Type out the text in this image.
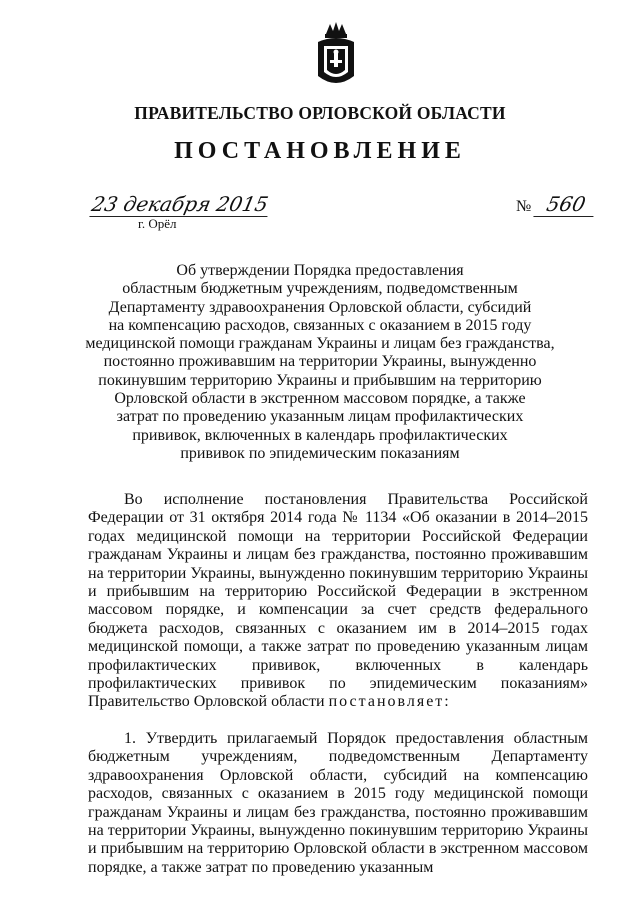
ПРАВИТЕЛЬСТВО ОРЛОВСКОЙ ОБЛАСТИ
ПОСТАНОВЛЕНИЕ
23 декабря 2015
г. Орёл
№ 560
Об утверждении Порядка предоставления
областным бюджетным учреждениям, подведомственным
Департаменту здравоохранения Орловской области, субсидий
на компенсацию расходов, связанных с оказанием в 2015 году
медицинской помощи гражданам Украины и лицам без гражданства,
постоянно проживавшим на территории Украины, вынужденно
покинувшим территорию Украины и прибывшим на территорию
Орловской области в экстренном массовом порядке, а также
затрат по проведению указанным лицам профилактических
прививок, включенных в календарь профилактических
прививок по эпидемическим показаниям

Во исполнение постановления Правительства Российской Федерации от 31 октября 2014 года № 1134 «Об оказании в 2014–2015 годах медицинской помощи на территории Российской Федерации гражданам Украины и лицам без гражданства, постоянно проживавшим на территории Украины, вынужденно покинувшим территорию Украины и прибывшим на территорию Российской Федерации в экстренном массовом порядке, и компенсации за счет средств федерального бюджета расходов, связанных с оказанием им в 2014–2015 годах медицинской помощи, а также затрат по проведению указанным лицам профилактических прививок, включенных в календарь профилактических прививок по эпидемическим показаниям» Правительство Орловской области постановляет:

1. Утвердить прилагаемый Порядок предоставления областным бюджетным учреждениям, подведомственным Департаменту здравоохранения Орловской области, субсидий на компенсацию расходов, связанных с оказанием в 2015 году медицинской помощи гражданам Украины и лицам без гражданства, постоянно проживавшим на территории Украины, вынужденно покинувшим территорию Украины и прибывшим на территорию Орловской области в экстренном массовом порядке, а также затрат по проведению указанным
